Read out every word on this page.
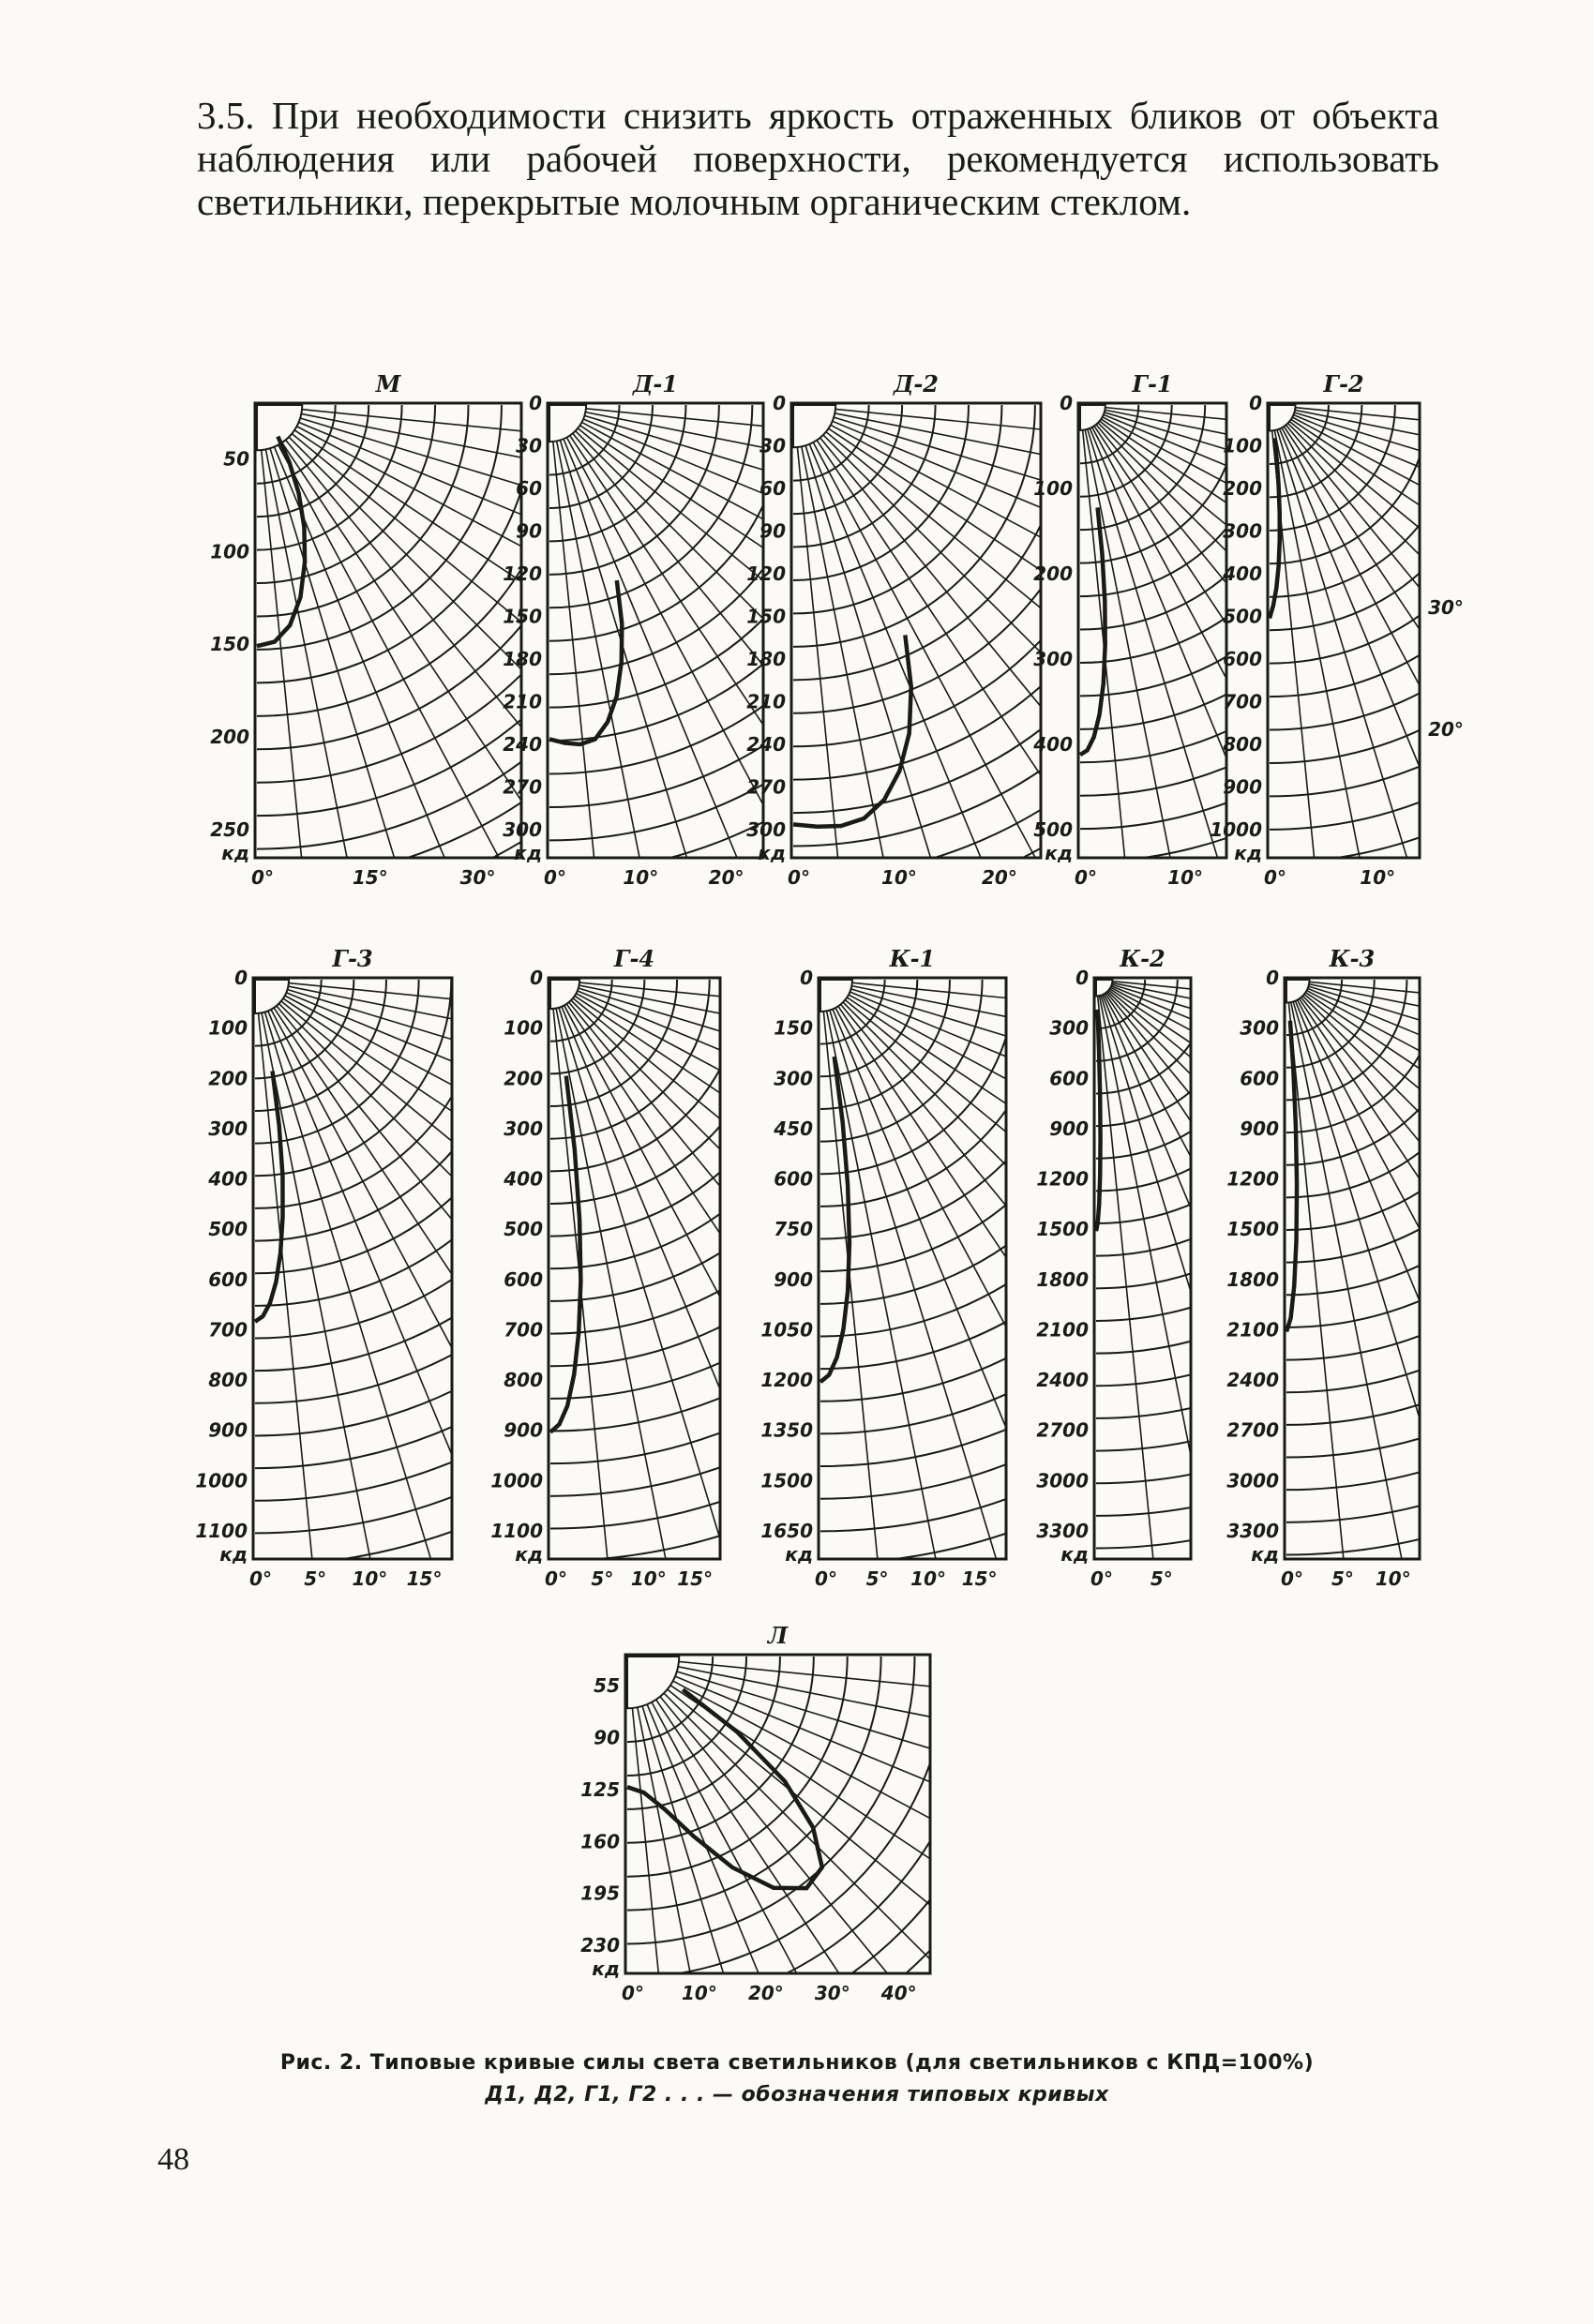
3.5. При необходимости снизить яркость отраженных бликов от объекта наблюдения или рабочей поверхности, рекомендуется использовать светильники, перекрытые молочным органическим стеклом.
М
50
100
150
200
250
кд
0°	15°	30°
Д-1
0
30
60
90
120
150
180
210
240
270
300
кд
0°	10°	20°
Д-2
0
30
60
90
120
150
180
210
240
270
300
кд
0°	10°	20°
Г-1
0
100
200
300
400
500
кд
0°	10°
Г-2
0
100
200
300
400
500
600
700
800
900
1000
кд
0°	10°
30°
20°
Г-3
0
100
200
300
400
500
600
700
800
900
1000
1100
кд
0° 5° 10° 15°
Г-4
0
100
200
300
400
500
600
700
800
900
1000
1100
кд
0° 5° 10° 15°
К-1
0
150
300
450
600
750
900
1050
1200
1350
1500
1650
кд
0° 5° 10° 15°
К-2
0
300
600
900
1200
1500
1800
2100
2400
2700
3000
3300
кд
0° 5°
К-3
0
300
600
900
1200
1500
1800
2100
2400
2700
3000
3300
кд
0° 5° 10°
Л
55
90
125
160
195
230
кд
0° 10° 20° 30° 40°
Рис. 2. Типовые кривые силы света светильников (для светильников с КПД=100%)
Д1, Д2, Г1, Г2 . . . — обозначения типовых кривых
48
